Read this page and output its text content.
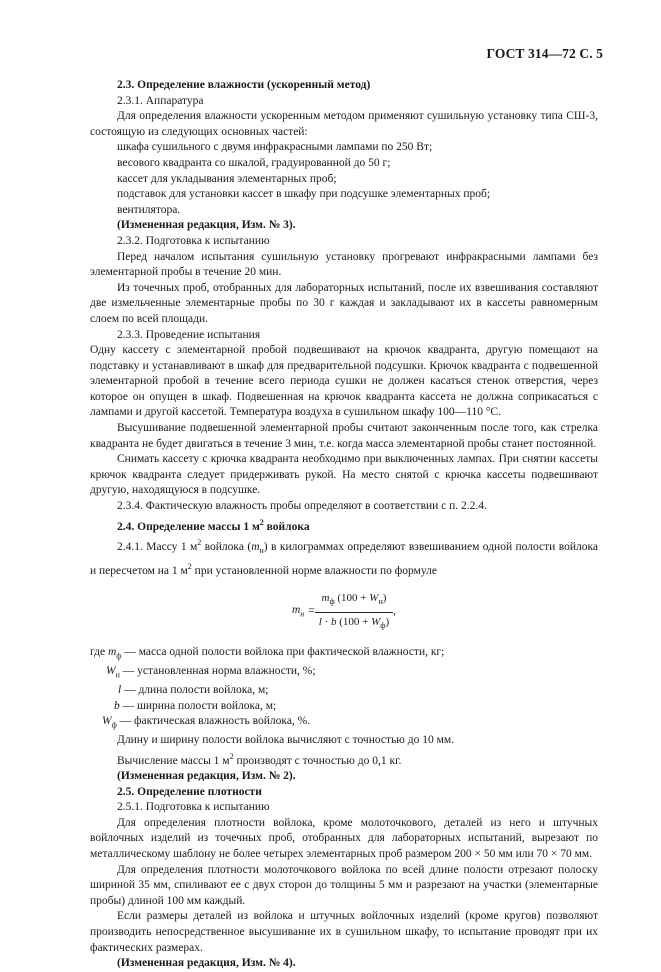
ГОСТ 314—72 С. 5

2.3. Определение влажности (ускоренный метод)

2.3.1. Аппаратура

Для определения влажности ускоренным методом применяют сушильную установку типа СШ-3, состоящую из следующих основных частей:

шкафа сушильного с двумя инфракрасными лампами по 250 Вт;

весового квадранта со шкалой, градуированной до 50 г;

кассет для укладывания элементарных проб;

подставок для установки кассет в шкафу при подсушке элементарных проб;

вентилятора.

(Измененная редакция, Изм. № 3).

2.3.2. Подготовка к испытанию

Перед началом испытания сушильную установку прогревают инфракрасными лампами без элементарной пробы в течение 20 мин.

Из точечных проб, отобранных для лабораторных испытаний, после их взвешивания составляют две измельченные элементарные пробы по 30 г каждая и закладывают их в кассеты равномерным слоем по всей площади.

2.3.3. Проведение испытания

Одну кассету с элементарной пробой подвешивают на крючок квадранта, другую помещают на подставку и устанавливают в шкаф для предварительной подсушки. Крючок квадранта с подвешенной элементарной пробой в течение всего периода сушки не должен касаться стенок отверстия, через которое он опущен в шкаф. Подвешенная на крючок квадранта кассета не должна соприкасаться с лампами и другой кассетой. Температура воздуха в сушильном шкафу 100—110 °С.

Высушивание подвешенной элементарной пробы считают законченным после того, как стрелка квадранта не будет двигаться в течение 3 мин, т.е. когда масса элементарной пробы станет постоянной.

Снимать кассету с крючка квадранта необходимо при выключенных лампах. При снятии кассеты крючок квадранта следует придерживать рукой. На место снятой с крючка кассеты подвешивают другую, находящуюся в подсушке.

2.3.4. Фактическую влажность пробы определяют в соответствии с п. 2.2.4.

2.4. Определение массы 1 $м^2$ войлока

2.4.1. Массу 1 $м^2$ войлока $(m_н)$ в килограммах определяют взвешиванием одной полости войлока и пересчетом на 1 $м^2$ при установленной норме влажности по формуле

$m_н = \frac{m_ф (100 + W_н)}{l \cdot b (100 + W_ф)}$ ,

где $m_ф$ — масса одной полости войлока при фактической влажности, кг;

$W_н$ — установленная норма влажности, %;

l — длина полости войлока, м;

b — ширина полости войлока, м;

$W_ф$ — фактическая влажность войлока, %.

Длину и ширину полости войлока вычисляют с точностью до 10 мм.

Вычисление массы 1 $м^2$ производят с точностью до 0,1 кг.

(Измененная редакция, Изм. № 2).

2.5. Определение плотности

2.5.1. Подготовка к испытанию

Для определения плотности войлока, кроме молоточкового, деталей из него и штучных войлочных изделий из точечных проб, отобранных для лабораторных испытаний, вырезают по металлическому шаблону не более четырех элементарных проб размером 200 × 50 мм или 70 × 70 мм.

Для определения плотности молоточкового войлока по всей длине полости отрезают полоску шириной 35 мм, спиливают ее с двух сторон до толщины 5 мм и разрезают на участки (элементарные пробы) длиной 100 мм каждый.

Если размеры деталей из войлока и штучных войлочных изделий (кроме кругов) позволяют производить непосредственное высушивание их в сушильном шкафу, то испытание проводят при их фактических размерах.

(Измененная редакция, Изм. № 4).
